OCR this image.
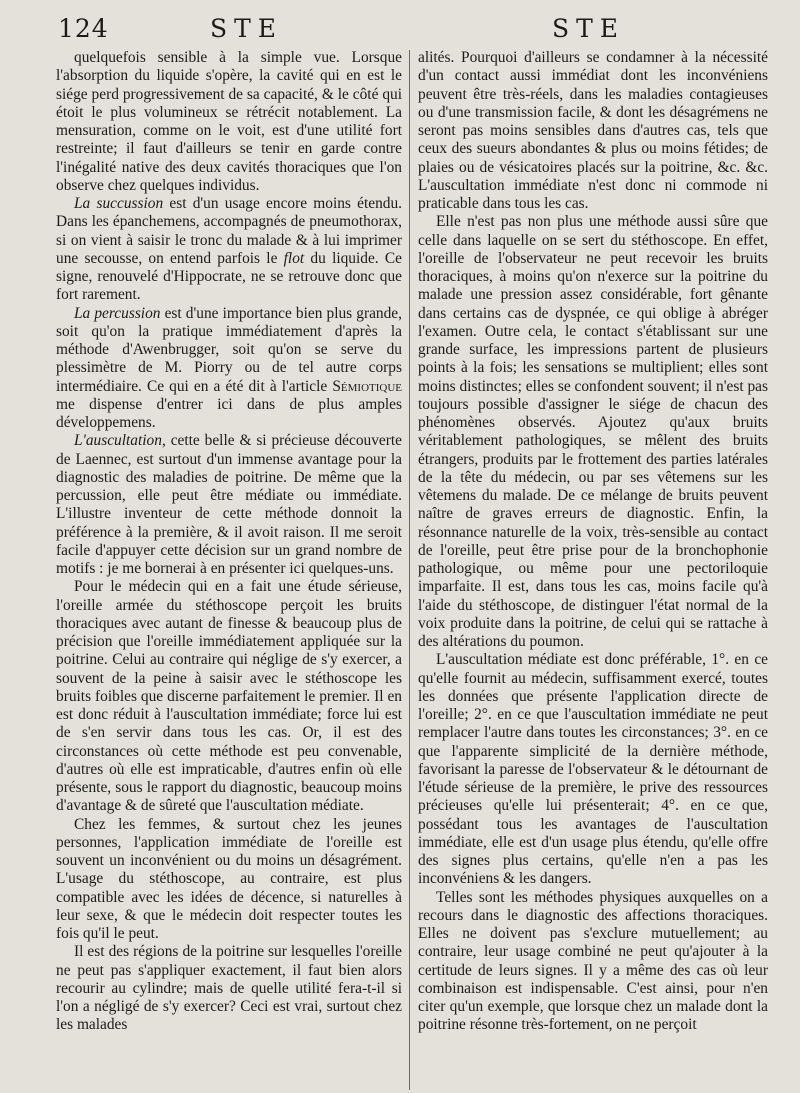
124	STE	STE

quelquefois sensible à la simple vue. Lorsque l'absorption du liquide s'opère, la cavité qui en est le siége perd progressivement de sa capacité, & le côté qui étoit le plus volumineux se rétrécit notablement. La mensuration, comme on le voit, est d'une utilité fort restreinte; il faut d'ailleurs se tenir en garde contre l'inégalité native des deux cavités thoraciques que l'on observe chez quelques individus.

La succussion est d'un usage encore moins étendu. Dans les épanchemens, accompagnés de pneumothorax, si on vient à saisir le tronc du malade & à lui imprimer une secousse, on entend parfois le flot du liquide. Ce signe, renouvelé d'Hippocrate, ne se retrouve donc que fort rarement.

La percussion est d'une importance bien plus grande, soit qu'on la pratique immédiatement d'après la méthode d'Awenbrugger, soit qu'on se serve du plessimètre de M. Piorry ou de tel autre corps intermédiaire. Ce qui en a été dit à l'article Sémiotique me dispense d'entrer ici dans de plus amples développemens.

L'auscultation, cette belle & si précieuse découverte de Laennec, est surtout d'un immense avantage pour la diagnostic des maladies de poitrine. De même que la percussion, elle peut être médiate ou immédiate. L'illustre inventeur de cette méthode donnoit la préférence à la première, & il avoit raison. Il me seroit facile d'appuyer cette décision sur un grand nombre de motifs : je me bornerai à en présenter ici quelques-uns.

Pour le médecin qui en a fait une étude sérieuse, l'oreille armée du stéthoscope perçoit les bruits thoraciques avec autant de finesse & beaucoup plus de précision que l'oreille immédiatement appliquée sur la poitrine. Celui au contraire qui néglige de s'y exercer, a souvent de la peine à saisir avec le stéthoscope les bruits foibles que discerne parfaitement le premier. Il en est donc réduit à l'auscultation immédiate; force lui est de s'en servir dans tous les cas. Or, il est des circonstances où cette méthode est peu convenable, d'autres où elle est impraticable, d'autres enfin où elle présente, sous le rapport du diagnostic, beaucoup moins d'avantage & de sûreté que l'auscultation médiate.

Chez les femmes, & surtout chez les jeunes personnes, l'application immédiate de l'oreille est souvent un inconvénient ou du moins un désagrément. L'usage du stéthoscope, au contraire, est plus compatible avec les idées de décence, si naturelles à leur sexe, & que le médecin doit respecter toutes les fois qu'il le peut.

Il est des régions de la poitrine sur lesquelles l'oreille ne peut pas s'appliquer exactement, il faut bien alors recourir au cylindre; mais de quelle utilité fera-t-il si l'on a négligé de s'y exercer? Ceci est vrai, surtout chez les malades

alités. Pourquoi d'ailleurs se condamner à la nécessité d'un contact aussi immédiat dont les inconvéniens peuvent être très-réels, dans les maladies contagieuses ou d'une transmission facile, & dont les désagrémens ne seront pas moins sensibles dans d'autres cas, tels que ceux des sueurs abondantes & plus ou moins fétides; de plaies ou de vésicatoires placés sur la poitrine, &c. &c. L'auscultation immédiate n'est donc ni commode ni praticable dans tous les cas.

Elle n'est pas non plus une méthode aussi sûre que celle dans laquelle on se sert du stéthoscope. En effet, l'oreille de l'observateur ne peut recevoir les bruits thoraciques, à moins qu'on n'exerce sur la poitrine du malade une pression assez considérable, fort gênante dans certains cas de dyspnée, ce qui oblige à abréger l'examen. Outre cela, le contact s'établissant sur une grande surface, les impressions partent de plusieurs points à la fois; les sensations se multiplient; elles sont moins distinctes; elles se confondent souvent; il n'est pas toujours possible d'assigner le siége de chacun des phénomènes observés. Ajoutez qu'aux bruits véritablement pathologiques, se mêlent des bruits étrangers, produits par le frottement des parties latérales de la tête du médecin, ou par ses vêtemens sur les vêtemens du malade. De ce mélange de bruits peuvent naître de graves erreurs de diagnostic. Enfin, la résonnance naturelle de la voix, très-sensible au contact de l'oreille, peut être prise pour de la bronchophonie pathologique, ou même pour une pectoriloquie imparfaite. Il est, dans tous les cas, moins facile qu'à l'aide du stéthoscope, de distinguer l'état normal de la voix produite dans la poitrine, de celui qui se rattache à des altérations du poumon.

L'auscultation médiate est donc préférable, 1°. en ce qu'elle fournit au médecin, suffisamment exercé, toutes les données que présente l'application directe de l'oreille; 2°. en ce que l'auscultation immédiate ne peut remplacer l'autre dans toutes les circonstances; 3°. en ce que l'apparente simplicité de la dernière méthode, favorisant la paresse de l'observateur & le détournant de l'étude sérieuse de la première, le prive des ressources précieuses qu'elle lui présenterait; 4°. en ce que, possédant tous les avantages de l'auscultation immédiate, elle est d'un usage plus étendu, qu'elle offre des signes plus certains, qu'elle n'en a pas les inconvéniens & les dangers.

Telles sont les méthodes physiques auxquelles on a recours dans le diagnostic des affections thoraciques. Elles ne doivent pas s'exclure mutuellement; au contraire, leur usage combiné ne peut qu'ajouter à la certitude de leurs signes. Il y a même des cas où leur combinaison est indispensable. C'est ainsi, pour n'en citer qu'un exemple, que lorsque chez un malade dont la poitrine résonne très-fortement, on ne perçoit
